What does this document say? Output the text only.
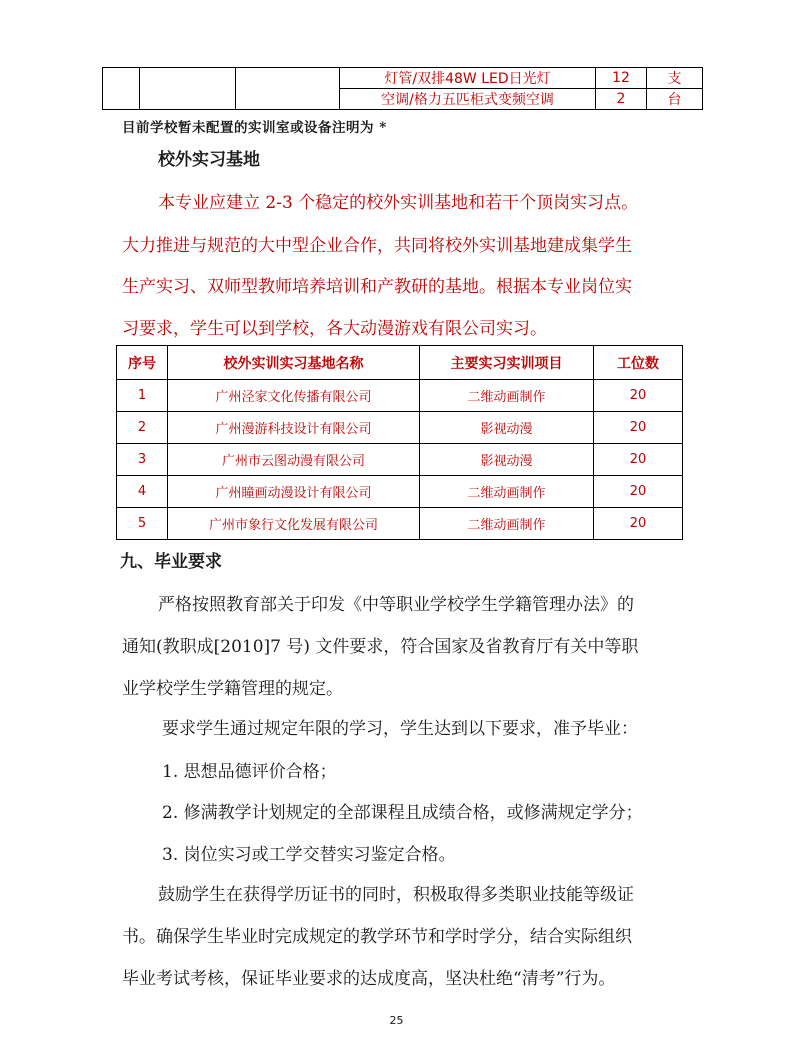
			灯管/双排48W LED日光灯	12	支
			空调/格力五匹柜式变频空调	2	台
目前学校暂未配置的实训室或设备注明为 *
校外实习基地
本专业应建立 2-3 个稳定的校外实训基地和若干个顶岗实习点。
大力推进与规范的大中型企业合作，共同将校外实训基地建成集学生
生产实习、双师型教师培养培训和产教研的基地。根据本专业岗位实
习要求，学生可以到学校，各大动漫游戏有限公司实习。
序号	校外实训实习基地名称	主要实习实训项目	工位数
1	广州泾家文化传播有限公司	二维动画制作	20
2	广州漫游科技设计有限公司	影视动漫	20
3	广州市云图动漫有限公司	影视动漫	20
4	广州瞳画动漫设计有限公司	二维动画制作	20
5	广州市象行文化发展有限公司	二维动画制作	20
九、毕业要求
严格按照教育部关于印发《中等职业学校学生学籍管理办法》的
通知(教职成[2010]7 号) 文件要求，符合国家及省教育厅有关中等职
业学校学生学籍管理的规定。
要求学生通过规定年限的学习，学生达到以下要求，准予毕业：
1. 思想品德评价合格；
2. 修满教学计划规定的全部课程且成绩合格，或修满规定学分；
3. 岗位实习或工学交替实习鉴定合格。
鼓励学生在获得学历证书的同时，积极取得多类职业技能等级证
书。确保学生毕业时完成规定的教学环节和学时学分，结合实际组织
毕业考试考核，保证毕业要求的达成度高，坚决杜绝“清考”行为。
25
